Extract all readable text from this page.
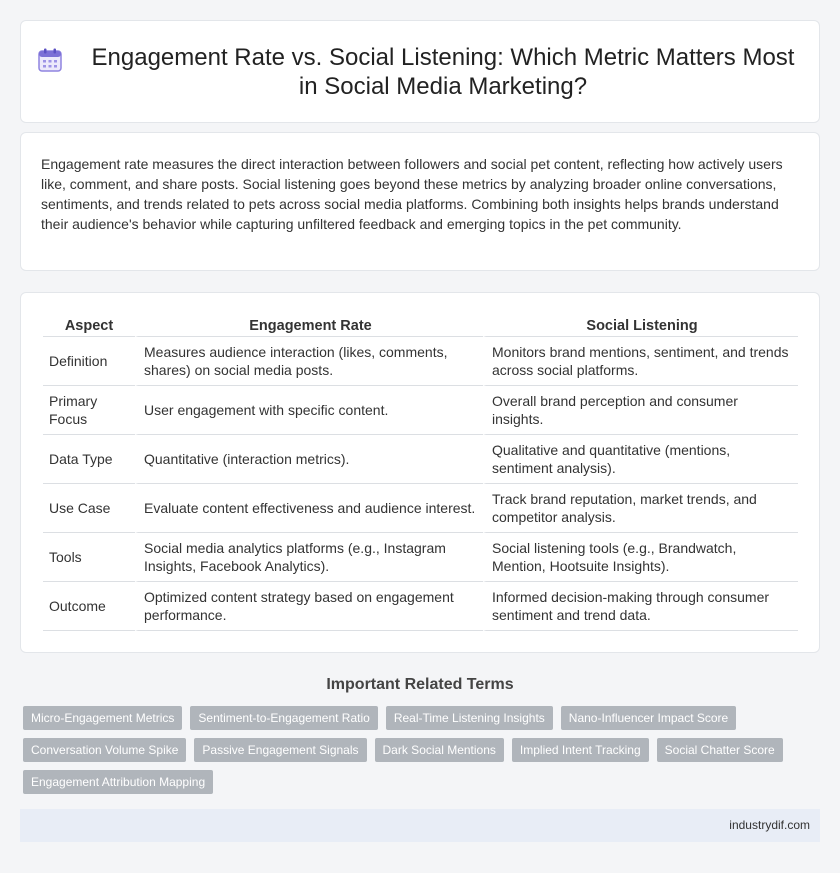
Engagement Rate vs. Social Listening: Which Metric Matters Most in Social Media Marketing?

Engagement rate measures the direct interaction between followers and social pet content, reflecting how actively users like, comment, and share posts. Social listening goes beyond these metrics by analyzing broader online conversations, sentiments, and trends related to pets across social media platforms. Combining both insights helps brands understand their audience's behavior while capturing unfiltered feedback and emerging topics in the pet community.

Aspect	Engagement Rate	Social Listening
Definition	Measures audience interaction (likes, comments, shares) on social media posts.	Monitors brand mentions, sentiment, and trends across social platforms.
Primary Focus	User engagement with specific content.	Overall brand perception and consumer insights.
Data Type	Quantitative (interaction metrics).	Qualitative and quantitative (mentions, sentiment analysis).
Use Case	Evaluate content effectiveness and audience interest.	Track brand reputation, market trends, and competitor analysis.
Tools	Social media analytics platforms (e.g., Instagram Insights, Facebook Analytics).	Social listening tools (e.g., Brandwatch, Mention, Hootsuite Insights).
Outcome	Optimized content strategy based on engagement performance.	Informed decision-making through consumer sentiment and trend data.
Important Related Terms
Micro-Engagement Metrics	Sentiment-to-Engagement Ratio	Real-Time Listening Insights	Nano-Influencer Impact Score
Conversation Volume Spike	Passive Engagement Signals	Dark Social Mentions	Implied Intent Tracking	Social Chatter Score
Engagement Attribution Mapping
industrydif.com
